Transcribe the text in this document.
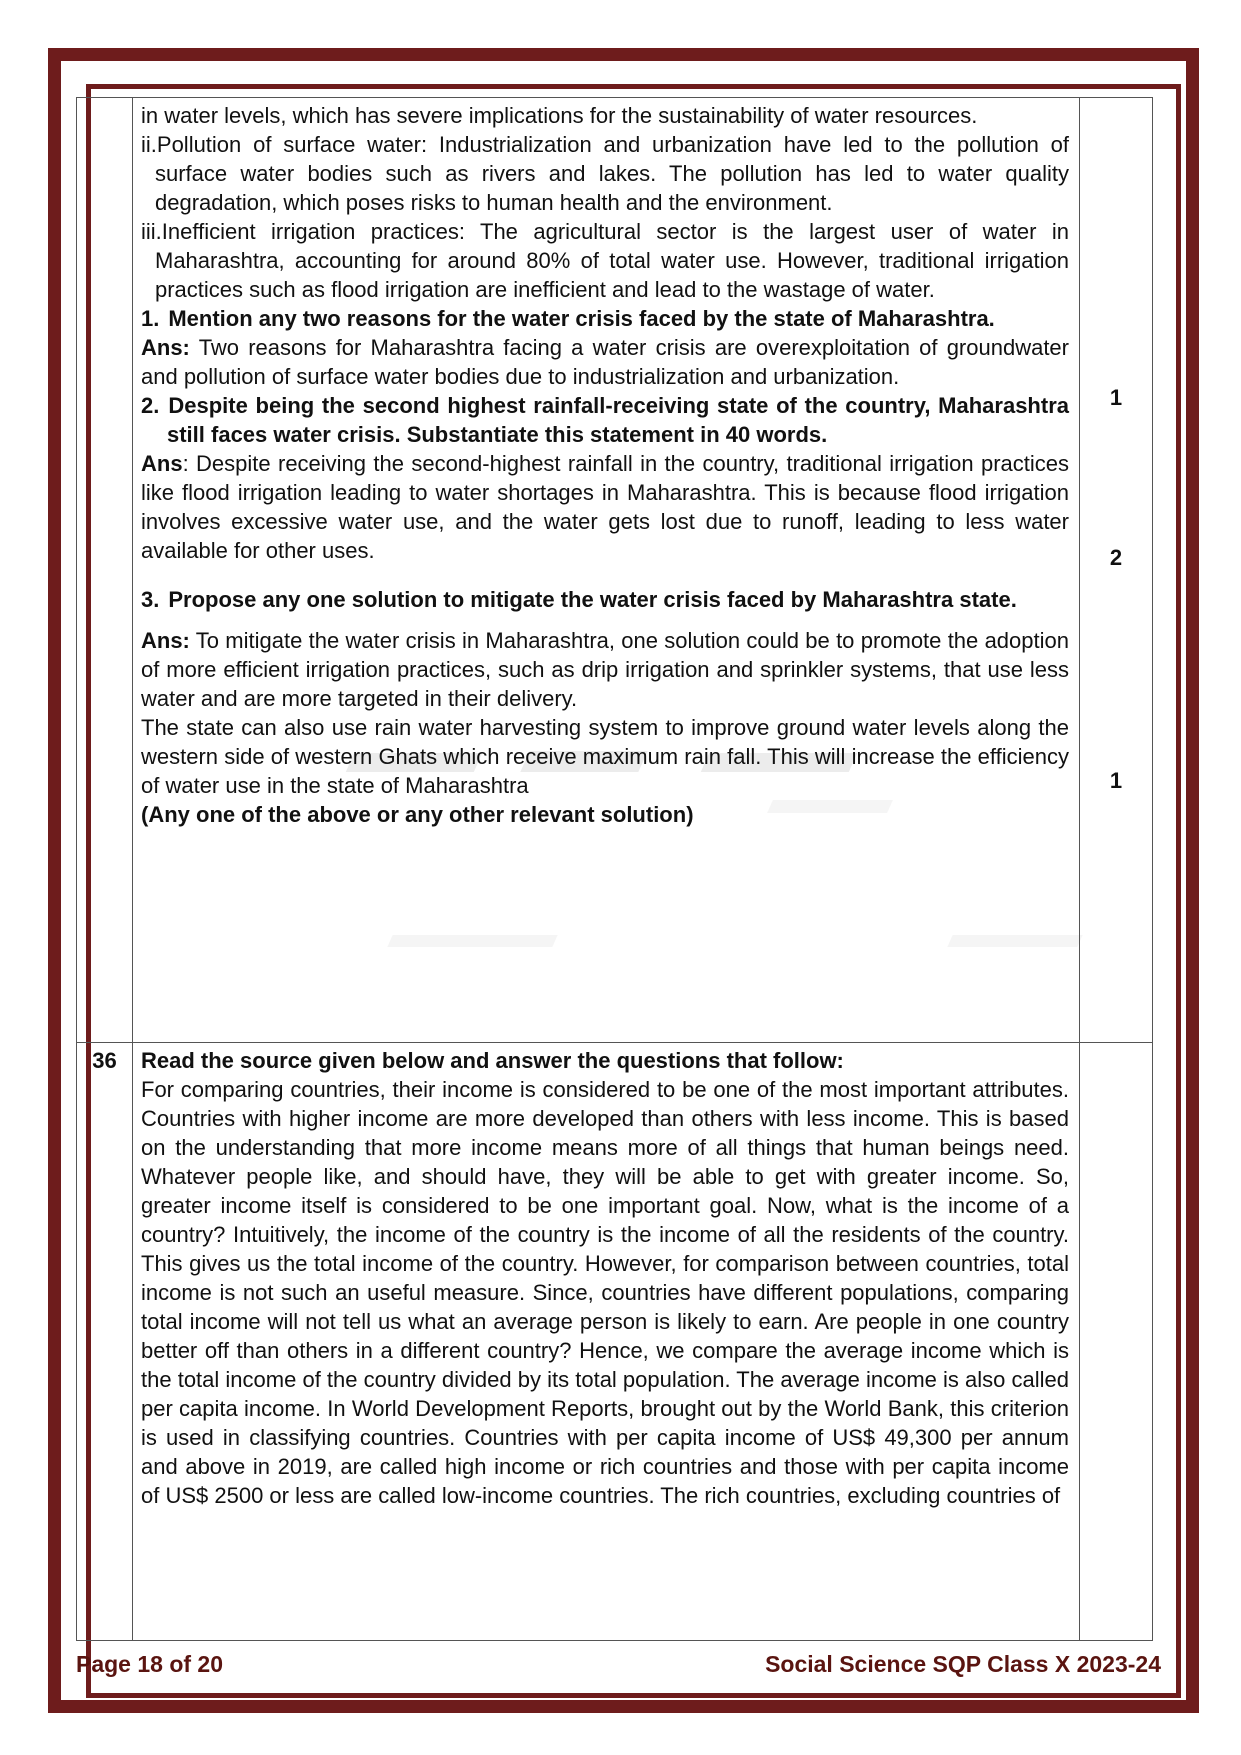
in water levels, which has severe implications for the sustainability of water resources.
ii.Pollution of surface water: Industrialization and urbanization have led to the pollution of surface water bodies such as rivers and lakes. The pollution has led to water quality degradation, which poses risks to human health and the environment.
iii.Inefficient irrigation practices: The agricultural sector is the largest user of water in Maharashtra, accounting for around 80% of total water use. However, traditional irrigation practices such as flood irrigation are inefficient and lead to the wastage of water.
1. Mention any two reasons for the water crisis faced by the state of Maharashtra.
Ans: Two reasons for Maharashtra facing a water crisis are overexploitation of groundwater and pollution of surface water bodies due to industrialization and urbanization.
2. Despite being the second highest rainfall-receiving state of the country, Maharashtra still faces water crisis. Substantiate this statement in 40 words.
Ans: Despite receiving the second-highest rainfall in the country, traditional irrigation practices like flood irrigation leading to water shortages in Maharashtra. This is because flood irrigation involves excessive water use, and the water gets lost due to runoff, leading to less water available for other uses.
3. Propose any one solution to mitigate the water crisis faced by Maharashtra state.
Ans: To mitigate the water crisis in Maharashtra, one solution could be to promote the adoption of more efficient irrigation practices, such as drip irrigation and sprinkler systems, that use less water and are more targeted in their delivery.
The state can also use rain water harvesting system to improve ground water levels along the western side of western Ghats which receive maximum rain fall. This will increase the efficiency of water use in the state of Maharashtra
(Any one of the above or any other relevant solution)
1
2
1
36	Read the source given below and answer the questions that follow:
For comparing countries, their income is considered to be one of the most important attributes. Countries with higher income are more developed than others with less income. This is based on the understanding that more income means more of all things that human beings need. Whatever people like, and should have, they will be able to get with greater income. So, greater income itself is considered to be one important goal. Now, what is the income of a country? Intuitively, the income of the country is the income of all the residents of the country. This gives us the total income of the country. However, for comparison between countries, total income is not such an useful measure. Since, countries have different populations, comparing total income will not tell us what an average person is likely to earn. Are people in one country better off than others in a different country? Hence, we compare the average income which is the total income of the country divided by its total population. The average income is also called per capita income. In World Development Reports, brought out by the World Bank, this criterion is used in classifying countries. Countries with per capita income of US$ 49,300 per annum and above in 2019, are called high income or rich countries and those with per capita income of US$ 2500 or less are called low-income countries. The rich countries, excluding countries of
Page 18 of 20	Social Science SQP Class X 2023-24
